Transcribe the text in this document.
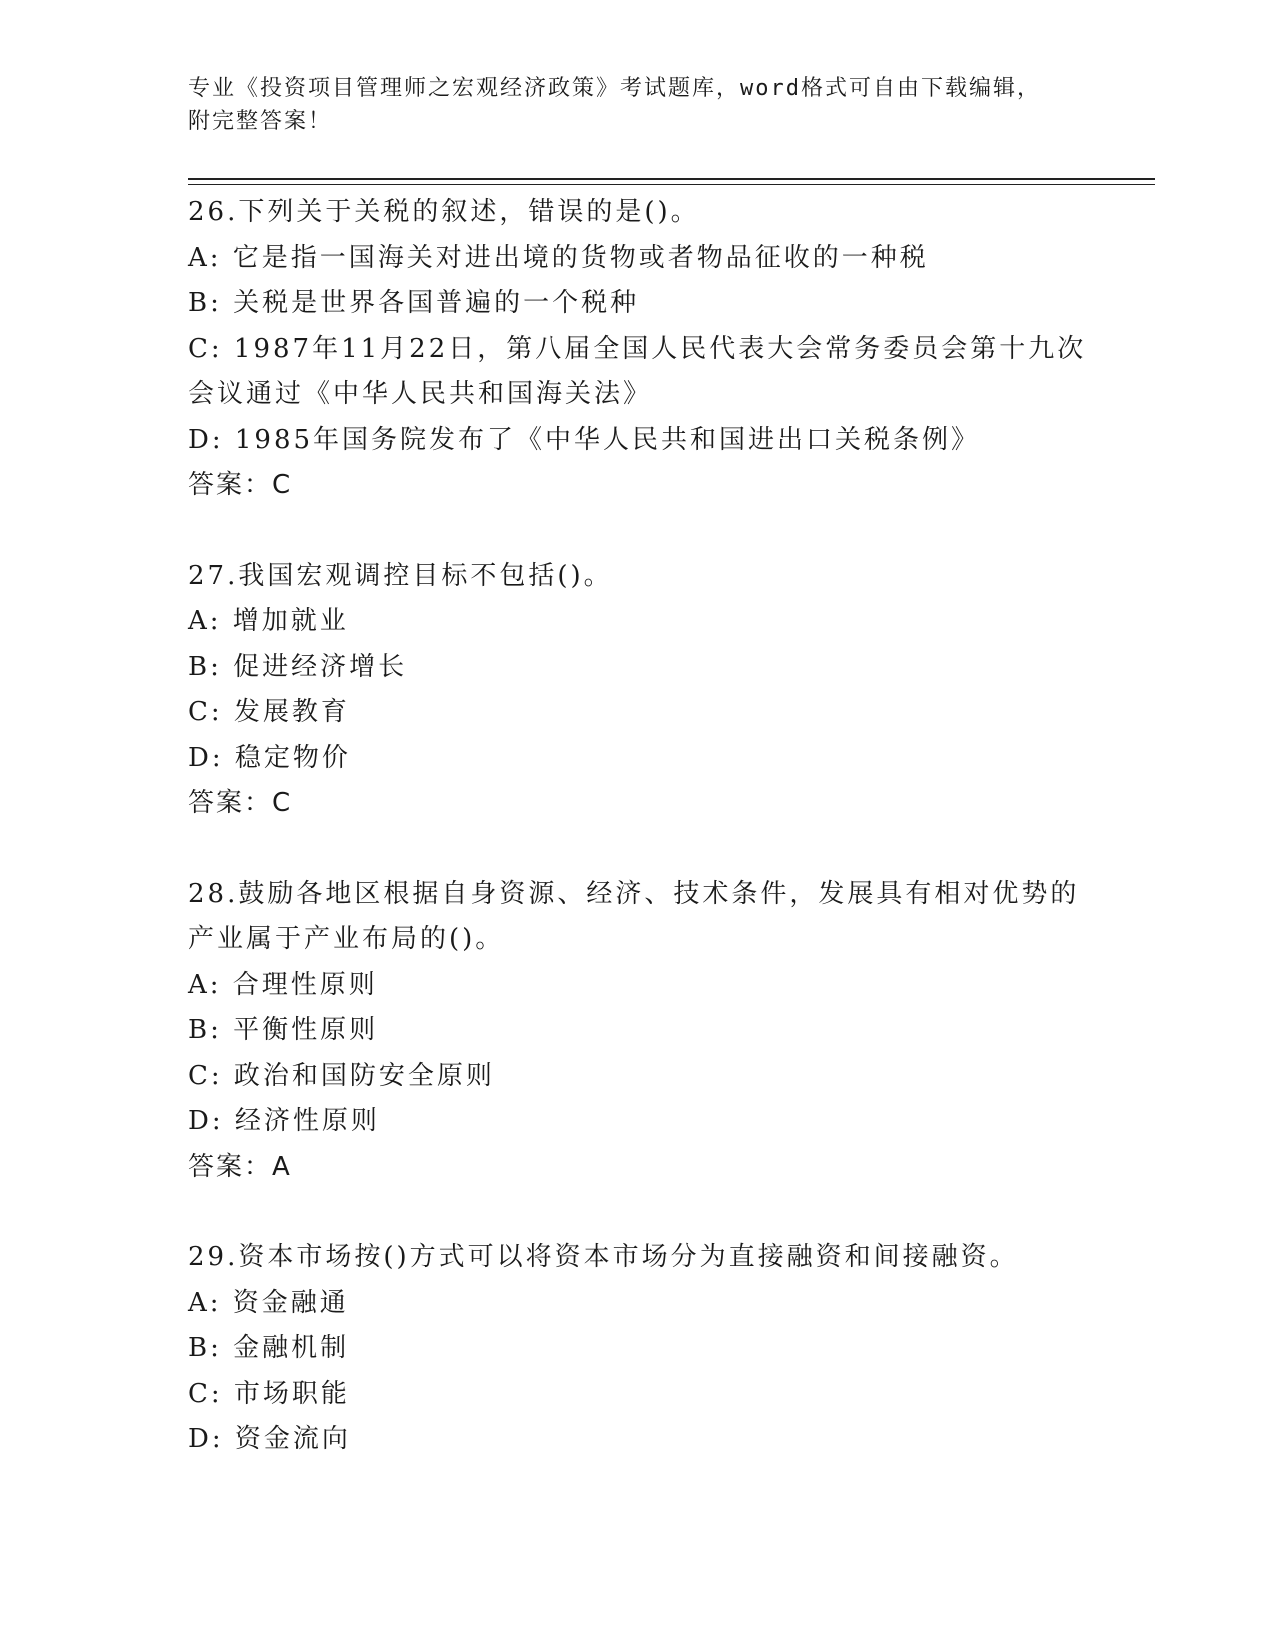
专业《投资项目管理师之宏观经济政策》考试题库，word格式可自由下载编辑，
附完整答案！
26.下列关于关税的叙述，错误的是()。
A: 它是指一国海关对进出境的货物或者物品征收的一种税
B: 关税是世界各国普遍的一个税种
C: 1987年11月22日，第八届全国人民代表大会常务委员会第十九次
会议通过《中华人民共和国海关法》
D: 1985年国务院发布了《中华人民共和国进出口关税条例》
答案：C
27.我国宏观调控目标不包括()。
A: 增加就业
B: 促进经济增长
C: 发展教育
D: 稳定物价
答案：C
28.鼓励各地区根据自身资源、经济、技术条件，发展具有相对优势的
产业属于产业布局的()。
A: 合理性原则
B: 平衡性原则
C: 政治和国防安全原则
D: 经济性原则
答案：A
29.资本市场按()方式可以将资本市场分为直接融资和间接融资。
A: 资金融通
B: 金融机制
C: 市场职能
D: 资金流向
